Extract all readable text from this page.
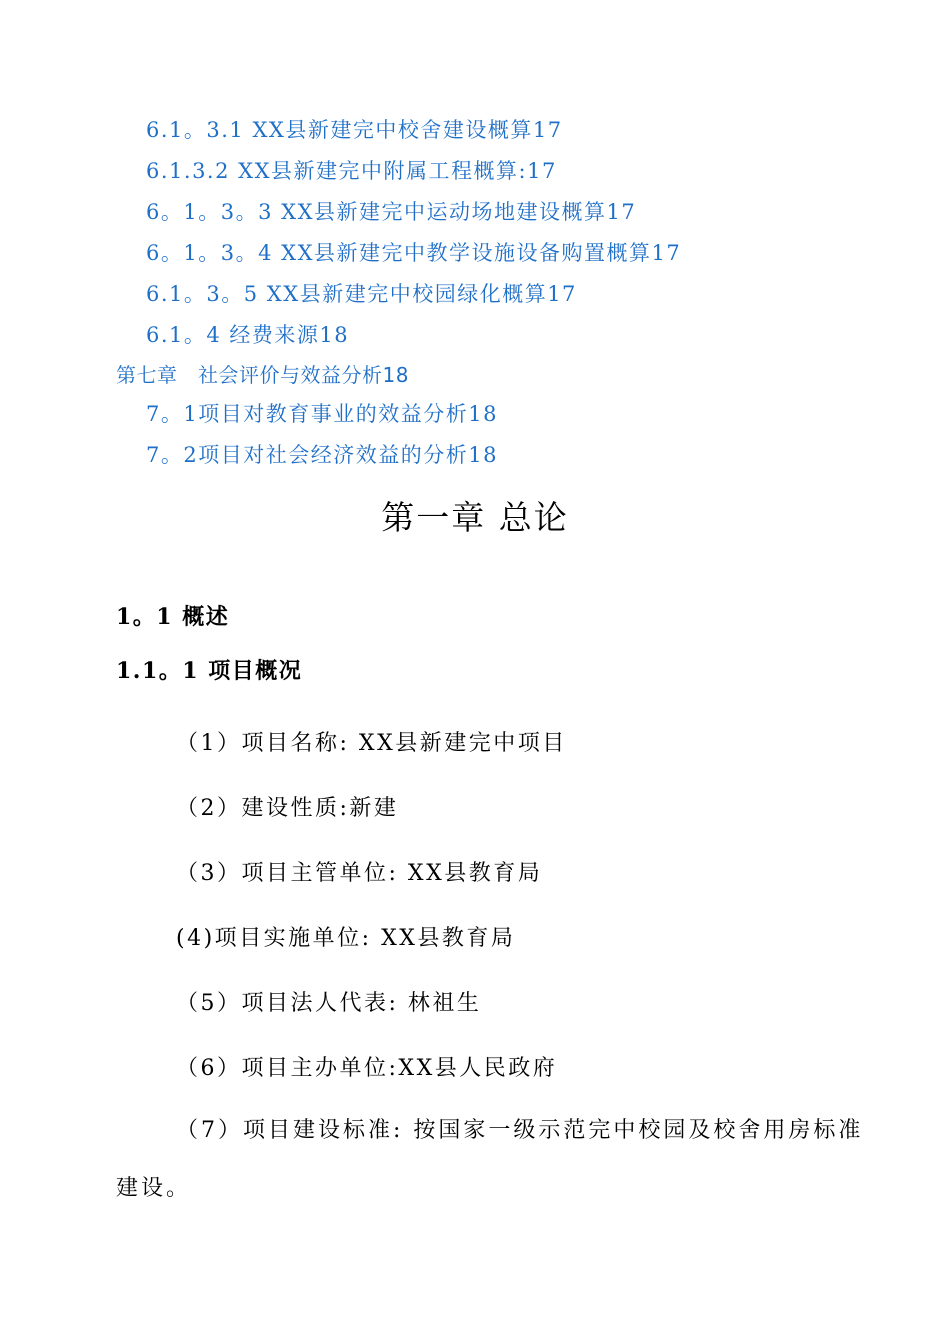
6.1。3.1 XX县新建完中校舍建设概算17
6.1.3.2 XX县新建完中附属工程概算:17
6。1。3。3 XX县新建完中运动场地建设概算17
6。1。3。4 XX县新建完中教学设施设备购置概算17
6.1。3。5 XX县新建完中校园绿化概算17
6.1。4 经费来源18
第七章　社会评价与效益分析18
7。1项目对教育事业的效益分析18
7。2项目对社会经济效益的分析18
第一章 总论
1。1 概述
1.1。1 项目概况
（1）项目名称: XX县新建完中项目
（2）建设性质:新建
（3）项目主管单位: XX县教育局
(4)项目实施单位: XX县教育局
（5）项目法人代表: 林祖生
（6）项目主办单位:XX县人民政府
（7）项目建设标准: 按国家一级示范完中校园及校舍用房标准建设。
